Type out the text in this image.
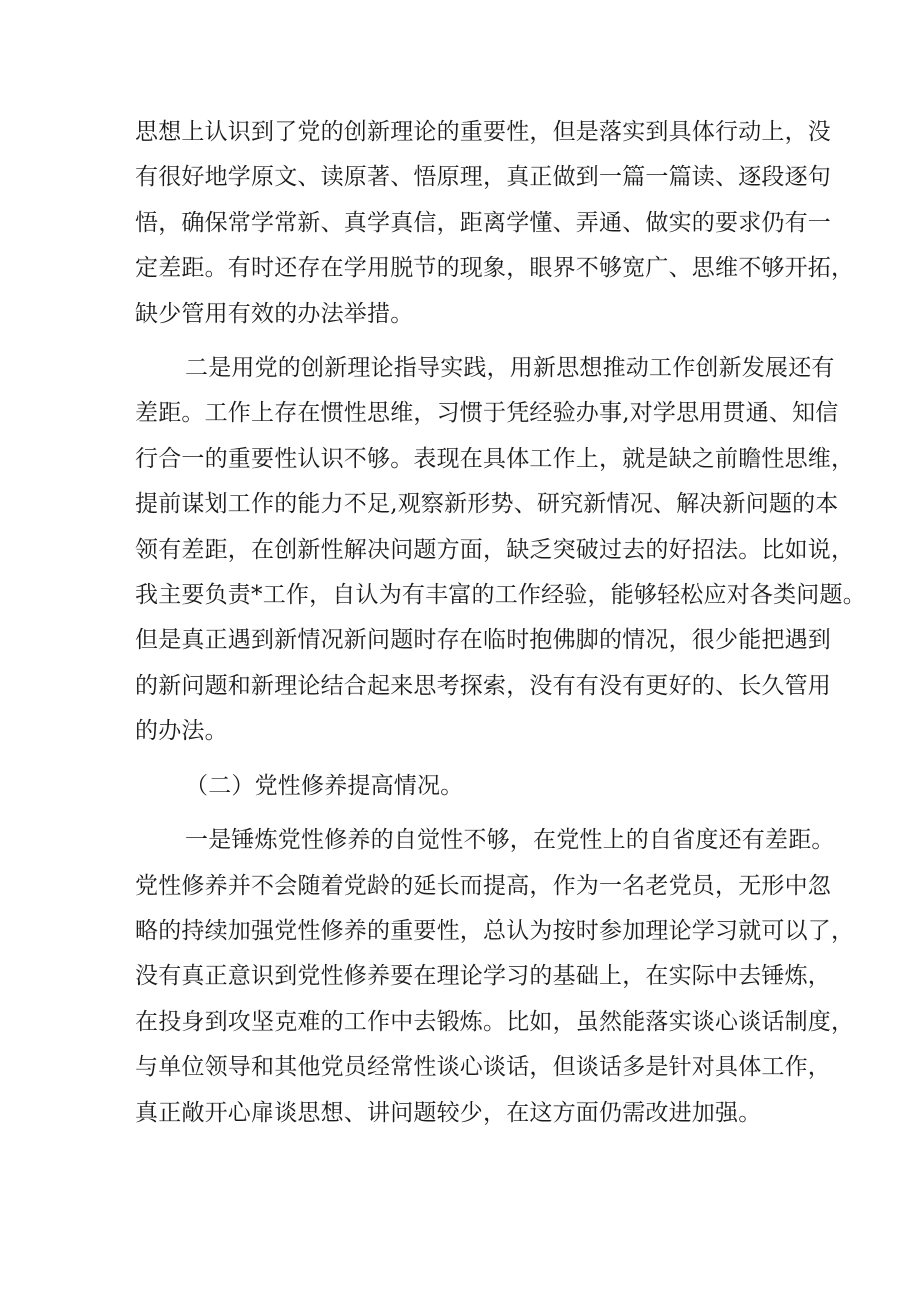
思想上认识到了党的创新理论的重要性，但是落实到具体行动上，没
有很好地学原文、读原著、悟原理，真正做到一篇一篇读、逐段逐句
悟，确保常学常新、真学真信，距离学懂、弄通、做实的要求仍有一
定差距。有时还存在学用脱节的现象，眼界不够宽广、思维不够开拓，
缺少管用有效的办法举措。
二是用党的创新理论指导实践，用新思想推动工作创新发展还有
差距。工作上存在惯性思维，习惯于凭经验办事,对学思用贯通、知信
行合一的重要性认识不够。表现在具体工作上，就是缺之前瞻性思维，
提前谋划工作的能力不足,观察新形势、研究新情况、解决新问题的本
领有差距，在创新性解决问题方面，缺乏突破过去的好招法。比如说，
我主要负责*工作，自认为有丰富的工作经验，能够轻松应对各类问题。
但是真正遇到新情况新问题时存在临时抱佛脚的情况，很少能把遇到
的新问题和新理论结合起来思考探索，没有有没有更好的、长久管用
的办法。
（二）党性修养提高情况。
一是锤炼党性修养的自觉性不够，在党性上的自省度还有差距。
党性修养并不会随着党龄的延长而提高，作为一名老党员，无形中忽
略的持续加强党性修养的重要性，总认为按时参加理论学习就可以了，
没有真正意识到党性修养要在理论学习的基础上，在实际中去锤炼，
在投身到攻坚克难的工作中去锻炼。比如，虽然能落实谈心谈话制度，
与单位领导和其他党员经常性谈心谈话，但谈话多是针对具体工作，
真正敞开心扉谈思想、讲问题较少，在这方面仍需改进加强。
